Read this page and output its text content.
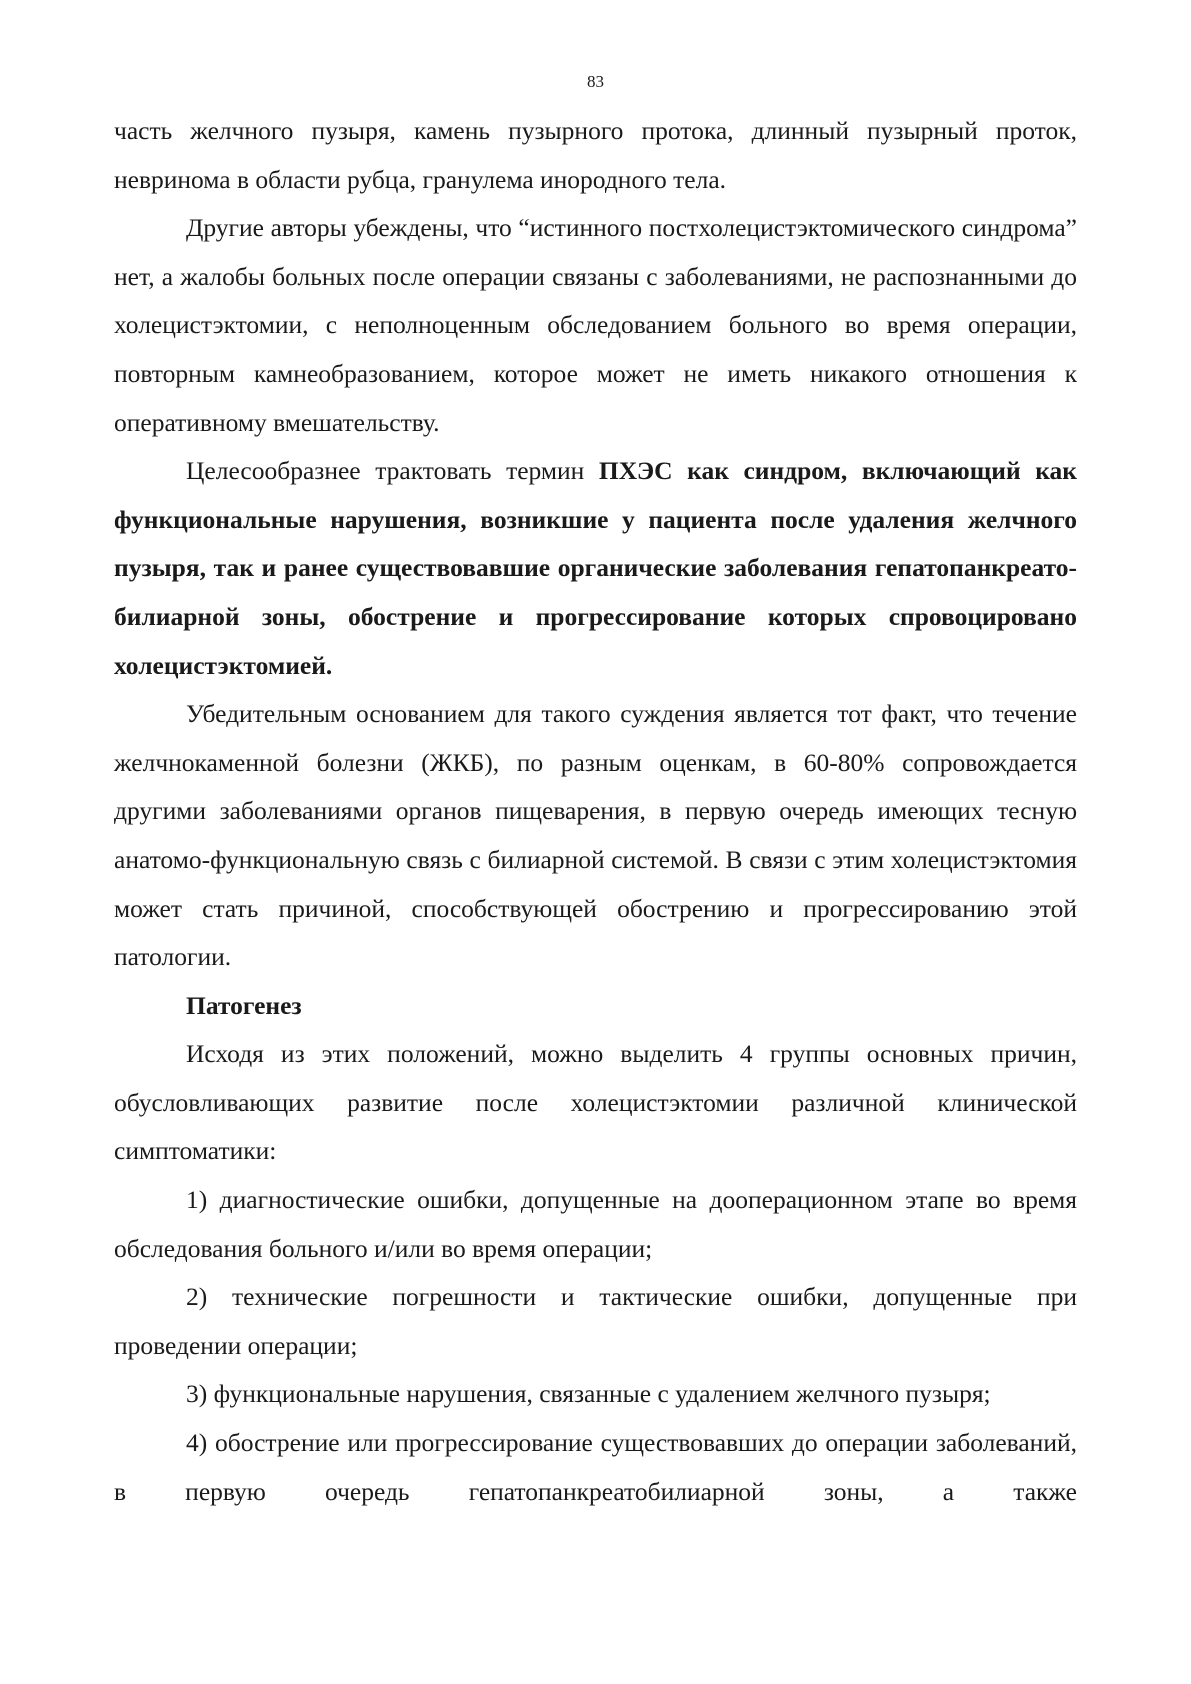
83

часть желчного пузыря, камень пузырного протока, длинный пузырный проток, невринома в области рубца, гранулема инородного тела.

Другие авторы убеждены, что “истинного постхолецистэктомического синдрома” нет, а жалобы больных после операции связаны с заболеваниями, не распознанными до холецистэктомии, с неполноценным обследованием больного во время операции, повторным камнеобразованием, которое может не иметь никакого отношения к оперативному вмешательству.

Целесообразнее трактовать термин ПХЭС как синдром, включающий как функциональные нарушения, возникшие у пациента после удаления желчного пузыря, так и ранее существовавшие органические заболевания гепатопанкреато-билиарной зоны, обострение и прогрессирование которых спровоцировано холецистэктомией.

Убедительным основанием для такого суждения является тот факт, что течение желчнокаменной болезни (ЖКБ), по разным оценкам, в 60-80% сопровождается другими заболеваниями органов пищеварения, в первую очередь имеющих тесную анатомо-функциональную связь с билиарной системой. В связи с этим холецистэктомия может стать причиной, способствующей обострению и прогрессированию этой патологии.

Патогенез

Исходя из этих положений, можно выделить 4 группы основных причин, обусловливающих развитие после холецистэктомии различной клинической симптоматики:

1) диагностические ошибки, допущенные на дооперационном этапе во время обследования больного и/или во время операции;

2) технические погрешности и тактические ошибки, допущенные при проведении операции;

3) функциональные нарушения, связанные с удалением желчного пузыря;

4) обострение или прогрессирование существовавших до операции заболеваний, в первую очередь гепатопанкреатобилиарной зоны, а также
